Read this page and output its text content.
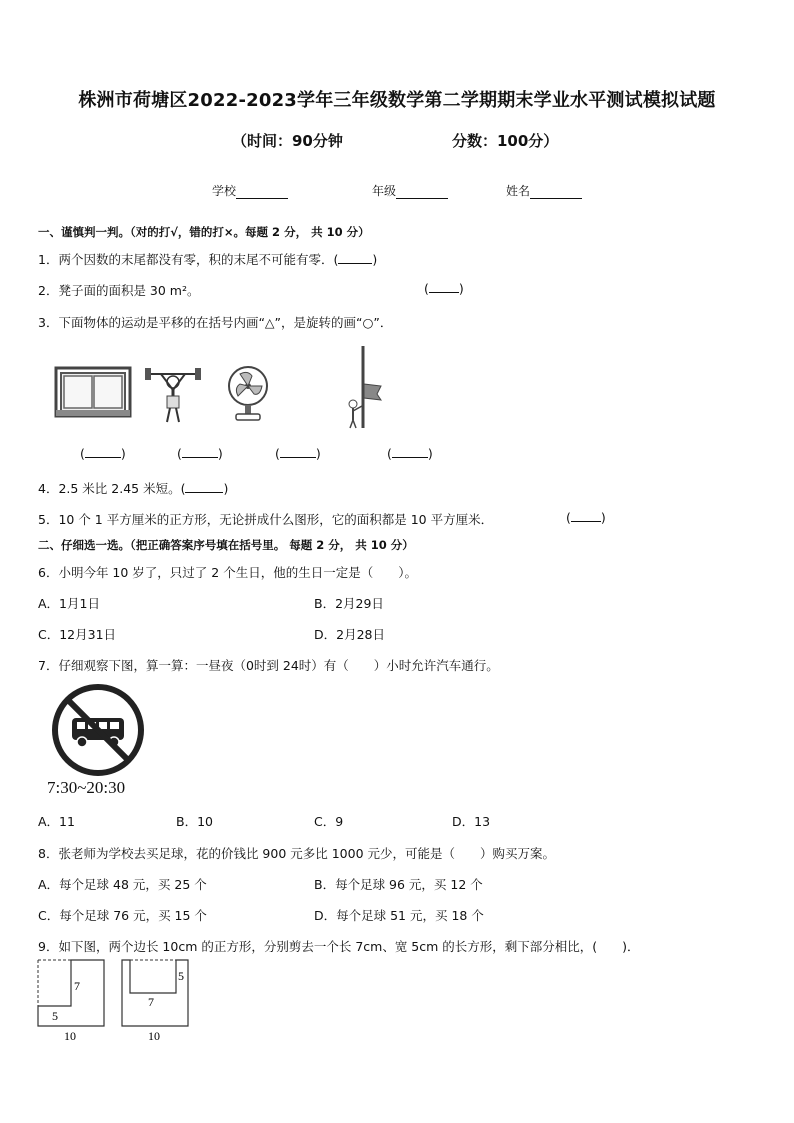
株洲市荷塘区2022-2023学年三年级数学第二学期期末学业水平测试模拟试题
（时间：90分钟	分数：100分）
学校	年级	姓名
一、谨慎判一判。（对的打√，错的打×。每题 2 分， 共 10 分）
1．两个因数的末尾都没有零，积的末尾不可能有零．(	)
2．凳子面的面积是 30 m²。	( )
3．下面物体的运动是平移的在括号内画“△”，是旋转的画“○”．
(	)	(	)	(	)	(	)
4．2.5 米比 2.45 米短。(	)
5．10 个 1 平方厘米的正方形，无论拼成什么图形，它的面积都是 10 平方厘米．	( )
二、仔细选一选。（把正确答案序号填在括号里。 每题 2 分， 共 10 分）
6．小明今年 10 岁了，只过了 2 个生日，他的生日一定是（　　）。
A．1月1日	B．2月29日
C．12月31日	D．2月28日
7．仔细观察下图，算一算：一昼夜（0时到 24时）有（　　）小时允许汽车通行。
7:30~20:30
A．11	B．10	C．9	D．13
8．张老师为学校去买足球，花的价钱比 900 元多比 1000 元少，可能是（　　）购买万案。
A．每个足球 48 元，买 25 个	B．每个足球 96 元，买 12 个
C．每个足球 76 元，买 15 个	D．每个足球 51 元，买 18 个
9．如下图，两个边长 10cm 的正方形，分别剪去一个长 7cm、宽 5cm 的长方形，剩下部分相比，(　　)．
7
5
10
5
7
10
